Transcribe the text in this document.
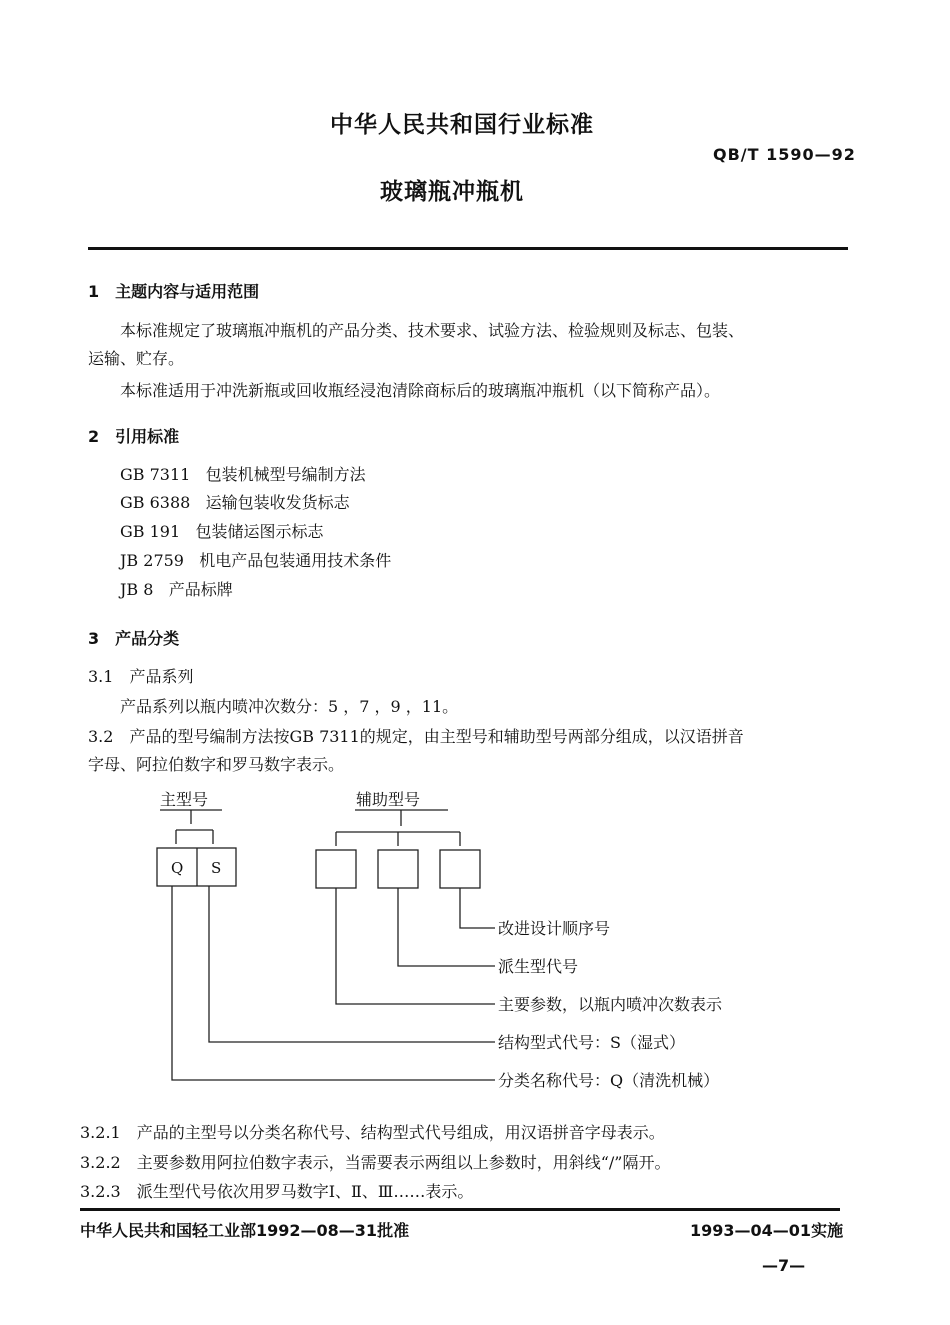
中华人民共和国行业标准
QB/T 1590—92
玻璃瓶冲瓶机
1　主题内容与适用范围
本标准规定了玻璃瓶冲瓶机的产品分类、技术要求、试验方法、检验规则及标志、包装、
运输、贮存。
本标准适用于冲洗新瓶或回收瓶经浸泡清除商标后的玻璃瓶冲瓶机（以下简称产品）。
2　引用标准
GB 7311 包装机械型号编制方法
GB 6388 运输包装收发货标志
GB 191 包装储运图示标志
JB 2759 机电产品包装通用技术条件
JB 8 产品标牌
3　产品分类
3.1　产品系列
产品系列以瓶内喷冲次数分：5 ，7 ，9 ，11。
3.2　产品的型号编制方法按GB 7311的规定，由主型号和辅助型号两部分组成，以汉语拼音
字母、阿拉伯数字和罗马数字表示。
主型号	辅助型号
Q S
改进设计顺序号
派生型代号
主要参数，以瓶内喷冲次数表示
结构型式代号：S（湿式）
分类名称代号：Q（清洗机械）
3.2.1　产品的主型号以分类名称代号、结构型式代号组成，用汉语拼音字母表示。
3.2.2　主要参数用阿拉伯数字表示，当需要表示两组以上参数时，用斜线“/”隔开。
3.2.3　派生型代号依次用罗马数字Ⅰ、Ⅱ、Ⅲ……表示。
中华人民共和国轻工业部1992—08—31批准	1993—04—01实施
—7—
